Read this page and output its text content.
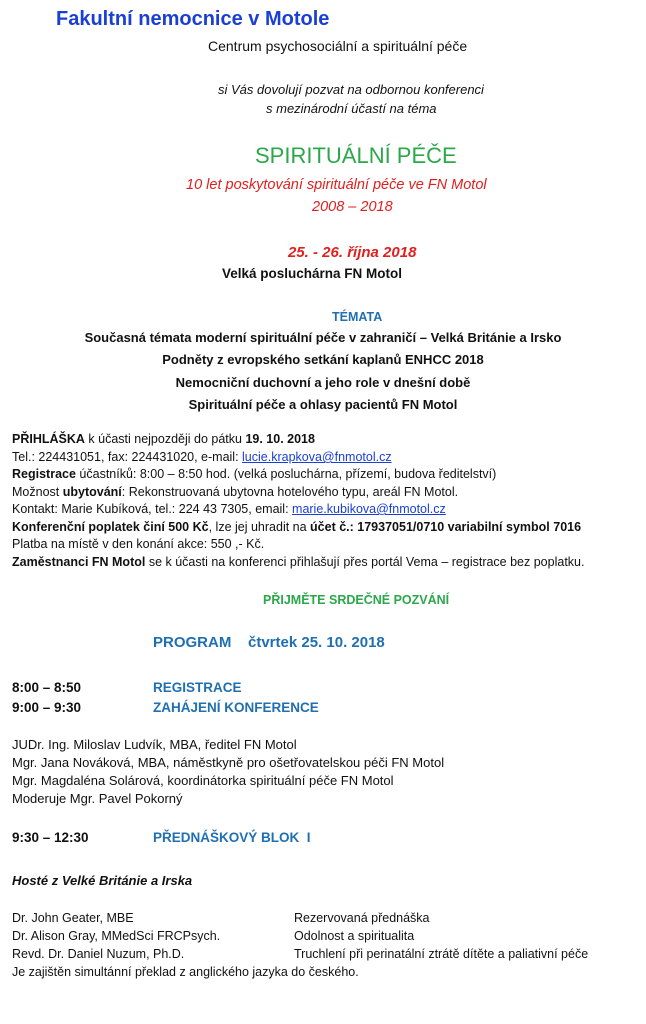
Fakultní nemocnice v Motole
Centrum psychosociální a spirituální péče
si Vás dovolují pozvat na odbornou konferenci
s mezinárodní účastí na téma
SPIRITUÁLNÍ PÉČE
10 let poskytování spirituální péče ve FN Motol
2008 – 2018
25. - 26. října 2018
Velká posluchárna FN Motol
TÉMATA
Současná témata moderní spirituální péče v zahraničí – Velká Británie a Irsko
Podněty z evropského setkání kaplanů ENHCC 2018
Nemocniční duchovní a jeho role v dnešní době
Spirituální péče a ohlasy pacientů FN Motol
PŘIHLÁŠKA k účasti nejpozději do pátku 19. 10. 2018
Tel.: 224431051, fax: 224431020, e-mail: lucie.krapkova@fnmotol.cz
Registrace účastníků: 8:00 – 8:50 hod. (velká posluchárna, přízemí, budova ředitelství)
Možnost ubytování: Rekonstruovaná ubytovna hotelového typu, areál FN Motol.
Kontakt: Marie Kubíková, tel.: 224 43 7305, email: marie.kubikova@fnmotol.cz
Konferenční poplatek činí 500 Kč, lze jej uhradit na účet č.: 17937051/0710 variabilní symbol 7016
Platba na místě v den konání akce: 550 ,- Kč.
Zaměstnanci FN Motol se k účasti na konferenci přihlašují přes portál Vema – registrace bez poplatku.
PŘIJMĚTE SRDEČNÉ POZVÁNÍ
PROGRAM    čtvrtek 25. 10. 2018
8:00 – 8:50	REGISTRACE
9:00 – 9:30	ZAHÁJENÍ KONFERENCE
JUDr. Ing. Miloslav Ludvík, MBA, ředitel FN Motol
Mgr. Jana Nováková, MBA, náměstkyně pro ošetřovatelskou péči FN Motol
Mgr. Magdaléna Solárová, koordinátorka spirituální péče FN Motol
Moderuje Mgr. Pavel Pokorný
9:30 – 12:30	PŘEDNÁŠKOVÝ BLOK  I
Hosté z Velké Británie a Irska
Dr. John Geater, MBE	Rezervovaná přednáška
Dr. Alison Gray, MMedSci FRCPsych.	Odolnost a spiritualita
Revd. Dr. Daniel Nuzum, Ph.D.	Truchlení při perinatální ztrátě dítěte a paliativní péče
Je zajištěn simultánní překlad z anglického jazyka do českého.
